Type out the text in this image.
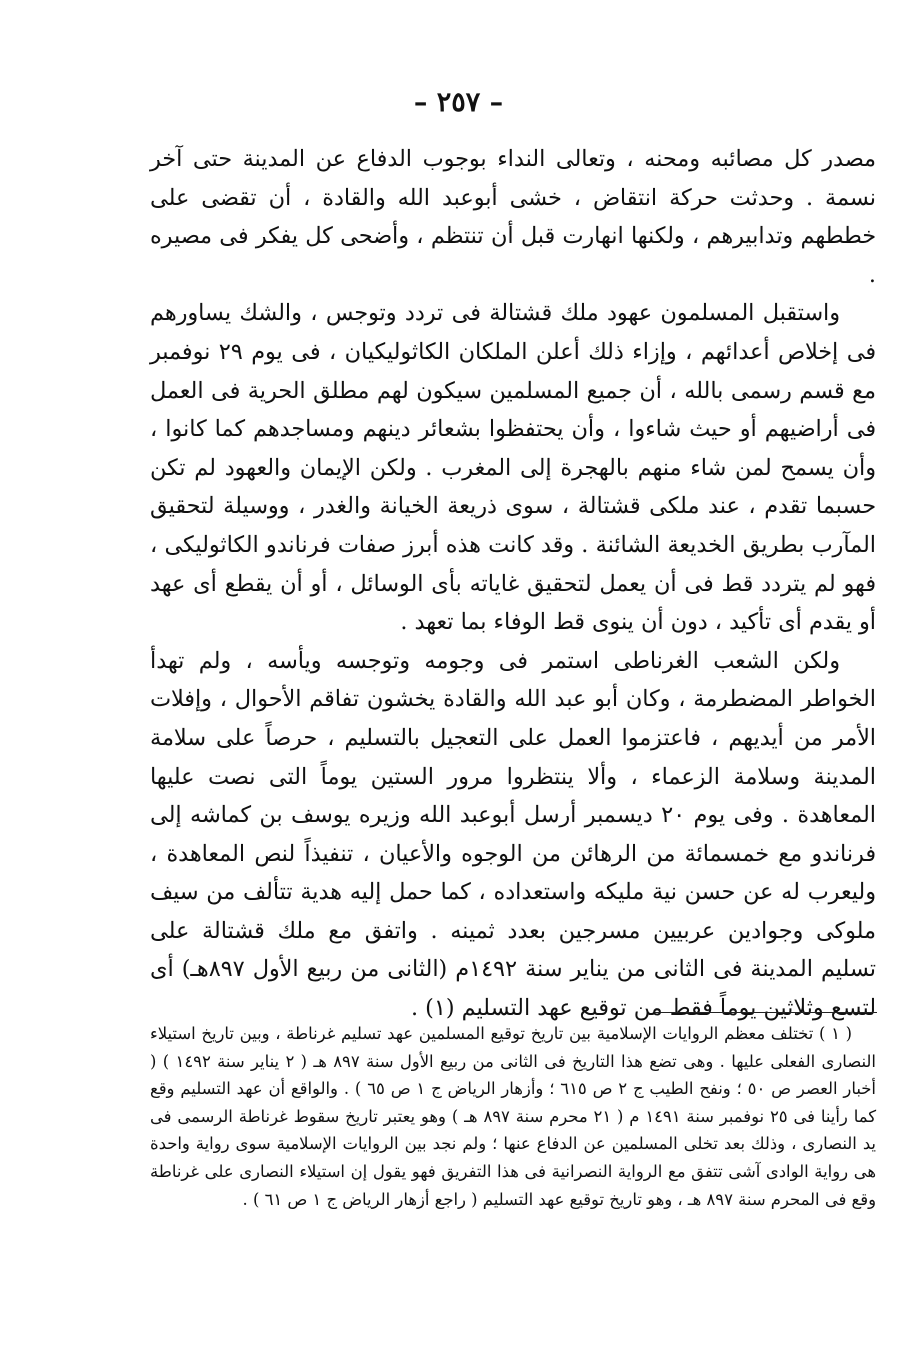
– ٢٥٧ –

مصدر كل مصائبه ومحنه ، وتعالى النداء بوجوب الدفاع عن المدينة حتى آخر نسمة . وحدثت حركة انتقاض ، خشى أبوعبد الله والقادة ، أن تقضى على خططهم وتدابيرهم ، ولكنها انهارت قبل أن تنتظم ، وأضحى كل يفكر فى مصيره .

واستقبل المسلمون عهود ملك قشتالة فى تردد وتوجس ، والشك يساورهم فى إخلاص أعدائهم ، وإزاء ذلك أعلن الملكان الكاثوليكيان ، فى يوم ٢٩ نوفمبر مع قسم رسمى بالله ، أن جميع المسلمين سيكون لهم مطلق الحرية فى العمل فى أراضيهم أو حيث شاءوا ، وأن يحتفظوا بشعائر دينهم ومساجدهم كما كانوا ، وأن يسمح لمن شاء منهم بالهجرة إلى المغرب . ولكن الإيمان والعهود لم تكن حسبما تقدم ، عند ملكى قشتالة ، سوى ذريعة الخيانة والغدر ، ووسيلة لتحقيق المآرب بطريق الخديعة الشائنة . وقد كانت هذه أبرز صفات فرناندو الكاثوليكى ، فهو لم يتردد قط فى أن يعمل لتحقيق غاياته بأى الوسائل ، أو أن يقطع أى عهد أو يقدم أى تأكيد ، دون أن ينوى قط الوفاء بما تعهد .

ولكن الشعب الغرناطى استمر فى وجومه وتوجسه ويأسه ، ولم تهدأ الخواطر المضطرمة ، وكان أبو عبد الله والقادة يخشون تفاقم الأحوال ، وإفلات الأمر من أيديهم ، فاعتزموا العمل على التعجيل بالتسليم ، حرصاً على سلامة المدينة وسلامة الزعماء ، وألا ينتظروا مرور الستين يوماً التى نصت عليها المعاهدة . وفى يوم ٢٠ ديسمبر أرسل أبوعبد الله وزيره يوسف بن كماشه إلى فرناندو مع خمسمائة من الرهائن من الوجوه والأعيان ، تنفيذاً لنص المعاهدة ، وليعرب له عن حسن نية مليكه واستعداده ، كما حمل إليه هدية تتألف من سيف ملوكى وجوادين عربيين مسرجين بعدد ثمينه . واتفق مع ملك قشتالة على تسليم المدينة فى الثانى من يناير سنة ١٤٩٢م (الثانى من ربيع الأول ٨٩٧هـ) أى لتسع وثلاثين يوماً فقط من توقيع عهد التسليم (١) .

( ١ ) تختلف معظم الروايات الإسلامية بين تاريخ توقيع المسلمين عهد تسليم غرناطة ، وبين تاريخ استيلاء النصارى الفعلى عليها . وهى تضع هذا التاريخ فى الثانى من ربيع الأول سنة ٨٩٧ هـ ( ٢ يناير سنة ١٤٩٢ ) ( أخبار العصر ص ٥٠ ؛ ونفح الطيب ج ٢ ص ٦١٥ ؛ وأزهار الرياض ج ١ ص ٦٥ ) . والواقع أن عهد التسليم وقع كما رأينا فى ٢٥ نوفمبر سنة ١٤٩١ م ( ٢١ محرم سنة ٨٩٧ هـ ) وهو يعتبر تاريخ سقوط غرناطة الرسمى فى يد النصارى ، وذلك بعد تخلى المسلمين عن الدفاع عنها ؛ ولم نجد بين الروايات الإسلامية سوى رواية واحدة هى رواية الوادى آشى تتفق مع الرواية النصرانية فى هذا التفريق فهو يقول إن استيلاء النصارى على غرناطة وقع فى المحرم سنة ٨٩٧ هـ ، وهو تاريخ توقيع عهد التسليم ( راجع أزهار الرياض ج ١ ص ٦١ ) .
